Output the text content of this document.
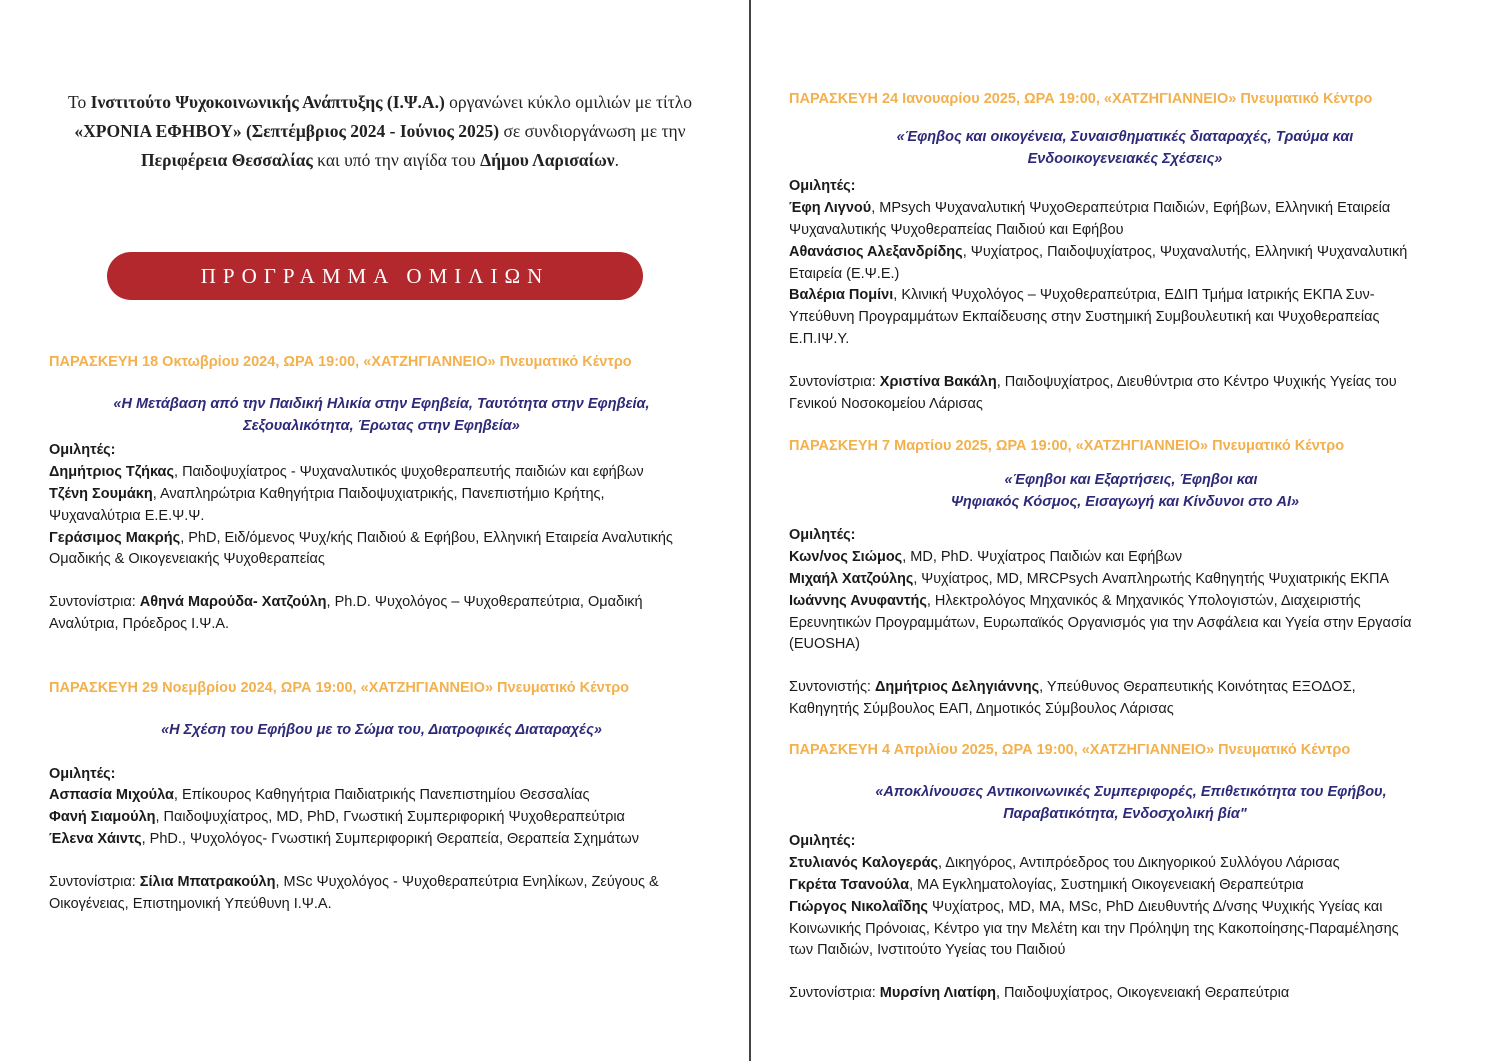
Το Ινστιτούτο Ψυχοκοινωνικής Ανάπτυξης (Ι.Ψ.Α.) οργανώνει κύκλο ομιλιών με τίτλο «ΧΡΟΝΙΑ ΕΦΗΒΟΥ» (Σεπτέμβριος 2024 - Ιούνιος 2025) σε συνδιοργάνωση με την Περιφέρεια Θεσσαλίας και υπό την αιγίδα του Δήμου Λαρισαίων.
ΠΡΟΓΡΑΜΜΑ ΟΜΙΛΙΩΝ

ΠΑΡΑΣΚΕΥΗ 18 Οκτωβρίου 2024, ΩΡΑ 19:00, «ΧΑΤΖΗΓΙΑΝΝΕΙΟ» Πνευματικό Κέντρο

«Η Μετάβαση από την Παιδική Ηλικία στην Εφηβεία, Ταυτότητα στην Εφηβεία,

Σεξουαλικότητα, Έρωτας στην Εφηβεία»

Ομιλητές:

Δημήτριος Τζήκας, Παιδοψυχίατρος - Ψυχαναλυτικός ψυχοθεραπευτής παιδιών και εφήβων

Τζένη Σουμάκη, Αναπληρώτρια Καθηγήτρια Παιδοψυχιατρικής, Πανεπιστήμιο Κρήτης, Ψυχαναλύτρια Ε.Ε.Ψ.Ψ.

Γεράσιμος Μακρής, PhD, Ειδ/όμενος Ψυχ/κής Παιδιού & Εφήβου, Ελληνική Εταιρεία Αναλυτικής Ομαδικής & Οικογενειακής Ψυχοθεραπείας

Συντονίστρια: Αθηνά Μαρούδα- Χατζούλη, Ph.D. Ψυχολόγος – Ψυχοθεραπεύτρια, Ομαδική Αναλύτρια, Πρόεδρος Ι.Ψ.Α.

ΠΑΡΑΣΚΕΥΗ 29 Νοεμβρίου 2024, ΩΡΑ 19:00, «ΧΑΤΖΗΓΙΑΝΝΕΙΟ» Πνευματικό Κέντρο

«Η Σχέση του Εφήβου με το Σώμα του, Διατροφικές Διαταραχές»

Ομιλητές:

Ασπασία Μιχούλα, Επίκουρος Καθηγήτρια Παιδιατρικής Πανεπιστημίου Θεσσαλίας

Φανή Σιαμούλη, Παιδοψυχίατρος, MD, PhD, Γνωστική Συμπεριφορική Ψυχοθεραπεύτρια

Έλενα Χάιντς, PhD., Ψυχολόγος- Γνωστική Συμπεριφορική Θεραπεία, Θεραπεία Σχημάτων

Συντονίστρια: Σίλια Μπατρακούλη, MSc Ψυχολόγος - Ψυχοθεραπεύτρια Ενηλίκων, Ζεύγους & Οικογένειας, Επιστημονική Υπεύθυνη Ι.Ψ.Α.

ΠΑΡΑΣΚΕΥΗ 24 Ιανουαρίου 2025, ΩΡΑ 19:00, «ΧΑΤΖΗΓΙΑΝΝΕΙΟ» Πνευματικό Κέντρο

«Έφηβος και οικογένεια, Συναισθηματικές διαταραχές, Τραύμα και

Ενδοοικογενειακές Σχέσεις»

Ομιλητές:

Έφη Λιγνού, MPsych Ψυχαναλυτική ΨυχοΘεραπεύτρια Παιδιών, Εφήβων, Ελληνική Εταιρεία Ψυχαναλυτικής Ψυχοθεραπείας Παιδιού και Εφήβου

Αθανάσιος Αλεξανδρίδης, Ψυχίατρος, Παιδοψυχίατρος, Ψυχαναλυτής, Ελληνική Ψυχαναλυτική Εταιρεία (Ε.Ψ.Ε.)

Βαλέρια Πομίνι, Κλινική Ψυχολόγος – Ψυχοθεραπεύτρια, ΕΔΙΠ Τμήμα Ιατρικής ΕΚΠΑ Συν-Υπεύθυνη Προγραμμάτων Εκπαίδευσης στην Συστημική Συμβουλευτική και Ψυχοθεραπείας Ε.Π.ΙΨ.Υ.

Συντονίστρια: Χριστίνα Βακάλη, Παιδοψυχίατρος, Διευθύντρια στο Κέντρο Ψυχικής Υγείας του Γενικού Νοσοκομείου Λάρισας

ΠΑΡΑΣΚΕΥΗ 7 Μαρτίου 2025, ΩΡΑ 19:00, «ΧΑΤΖΗΓΙΑΝΝΕΙΟ» Πνευματικό Κέντρο

«Έφηβοι και Εξαρτήσεις, Έφηβοι και

Ψηφιακός Κόσμος, Εισαγωγή και Κίνδυνοι στο AI»

Ομιλητές:

Κων/νος Σιώμος, MD, PhD. Ψυχίατρος Παιδιών και Εφήβων

Μιχαήλ Χατζούλης, Ψυχίατρος, MD, MRCPsych Αναπληρωτής Καθηγητής Ψυχιατρικής ΕΚΠΑ

Ιωάννης Ανυφαντής, Ηλεκτρολόγος Μηχανικός & Μηχανικός Υπολογιστών, Διαχειριστής Ερευνητικών Προγραμμάτων, Ευρωπαϊκός Οργανισμός για την Ασφάλεια και Υγεία στην Εργασία (EUOSHA)

Συντονιστής: Δημήτριος Δεληγιάννης, Υπεύθυνος Θεραπευτικής Κοινότητας ΕΞΟΔΟΣ, Καθηγητής Σύμβουλος ΕΑΠ, Δημοτικός Σύμβουλος Λάρισας

ΠΑΡΑΣΚΕΥΗ 4 Απριλίου 2025, ΩΡΑ 19:00, «ΧΑΤΖΗΓΙΑΝΝΕΙΟ» Πνευματικό Κέντρο

«Αποκλίνουσες Αντικοινωνικές Συμπεριφορές, Επιθετικότητα του Εφήβου,

Παραβατικότητα, Ενδοσχολική βία"

Ομιλητές:

Στυλιανός Καλογεράς, Δικηγόρος, Αντιπρόεδρος του Δικηγορικού Συλλόγου Λάρισας

Γκρέτα Τσανούλα, MA Εγκληματολογίας, Συστημική Οικογενειακή Θεραπεύτρια

Γιώργος Νικολαΐδης Ψυχίατρος, MD, MA, MSc, PhD Διευθυντής Δ/νσης Ψυχικής Υγείας και Κοινωνικής Πρόνοιας, Κέντρο για την Μελέτη και την Πρόληψη της Κακοποίησης-Παραμέλησης των Παιδιών, Ινστιτούτο Υγείας του Παιδιού

Συντονίστρια: Μυρσίνη Λιατίφη, Παιδοψυχίατρος, Οικογενειακή Θεραπεύτρια
